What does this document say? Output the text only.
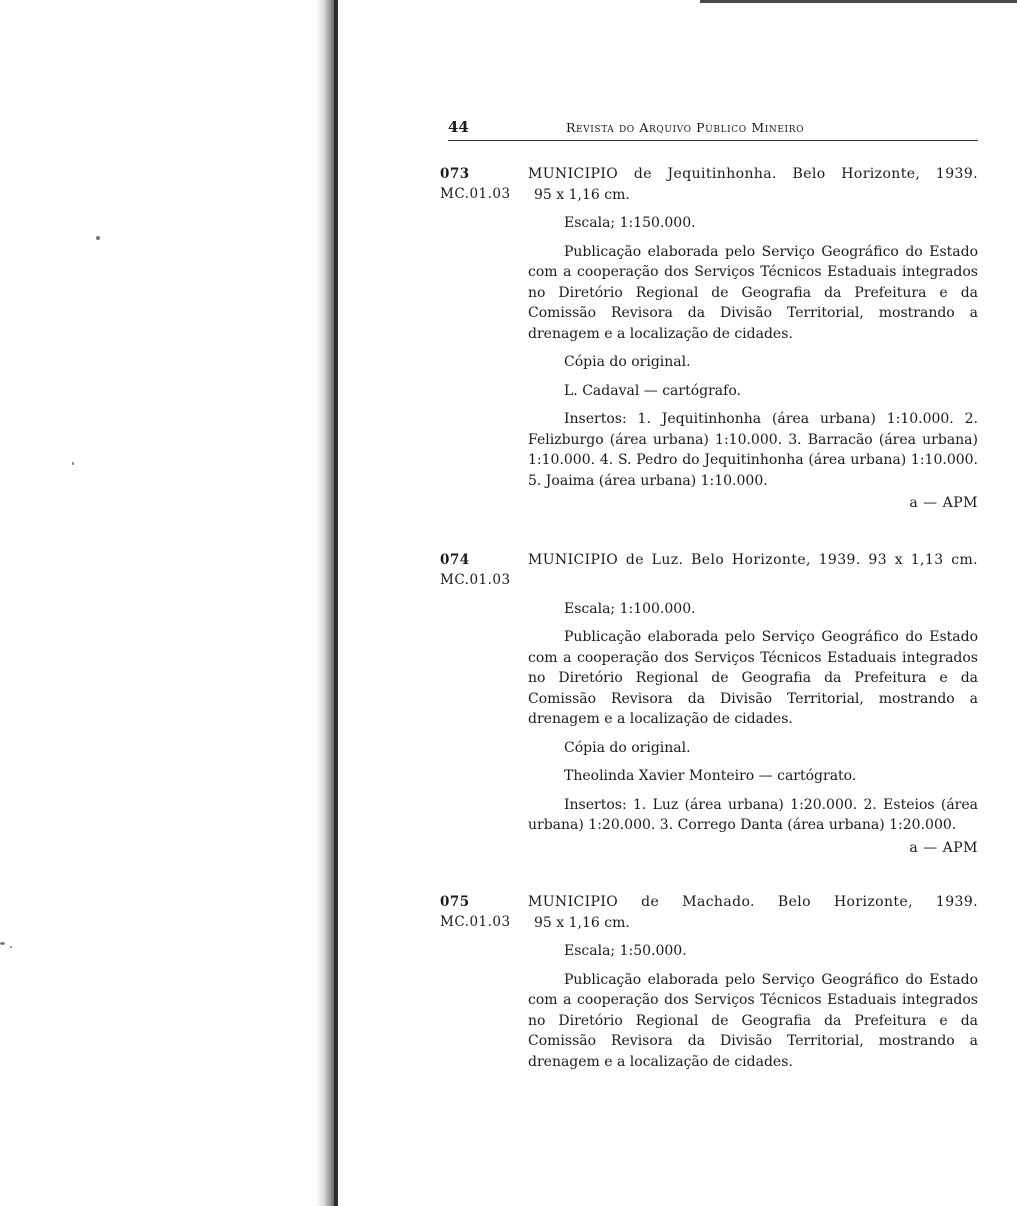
44	Revista do Arquivo Público Mineiro
073
MC.01.03
MUNICIPIO de Jequitinhonha. Belo Horizonte, 1939.
95 x 1,16 cm.
Escala; 1:150.000.

Publicação elaborada pelo Serviço Geográfico do Estado com a cooperação dos Serviços Técnicos Estaduais integrados no Diretório Regional de Geografia da Prefeitura e da Comissão Revisora da Divisão Territorial, mostrando a drenagem e a localização de cidades.

Cópia do original.
L. Cadaval — cartógrafo.

Insertos: 1. Jequitinhonha (área urbana) 1:10.000. 2. Felizburgo (área urbana) 1:10.000. 3. Barracão (área urbana) 1:10.000. 4. S. Pedro do Jequitinhonha (área urbana) 1:10.000. 5. Joaima (área urbana) 1:10.000.

a — APM
074
MC.01.03
MUNICIPIO de Luz. Belo Horizonte, 1939. 93 x 1,13 cm.
Escala; 1:100.000.

Publicação elaborada pelo Serviço Geográfico do Estado com a cooperação dos Serviços Técnicos Estaduais integrados no Diretório Regional de Geografia da Prefeitura e da Comissão Revisora da Divisão Territorial, mostrando a drenagem e a localização de cidades.

Cópia do original.
Theolinda Xavier Monteiro — cartógrato.

Insertos: 1. Luz (área urbana) 1:20.000. 2. Esteios (área urbana) 1:20.000. 3. Corrego Danta (área urbana) 1:20.000.

a — APM
075
MC.01.03
MUNICIPIO de Machado. Belo Horizonte, 1939.
95 x 1,16 cm.
Escala; 1:50.000.

Publicação elaborada pelo Serviço Geográfico do Estado com a cooperação dos Serviços Técnicos Estaduais integrados no Diretório Regional de Geografia da Prefeitura e da Comissão Revisora da Divisão Territorial, mostrando a drenagem e a localização de cidades.
